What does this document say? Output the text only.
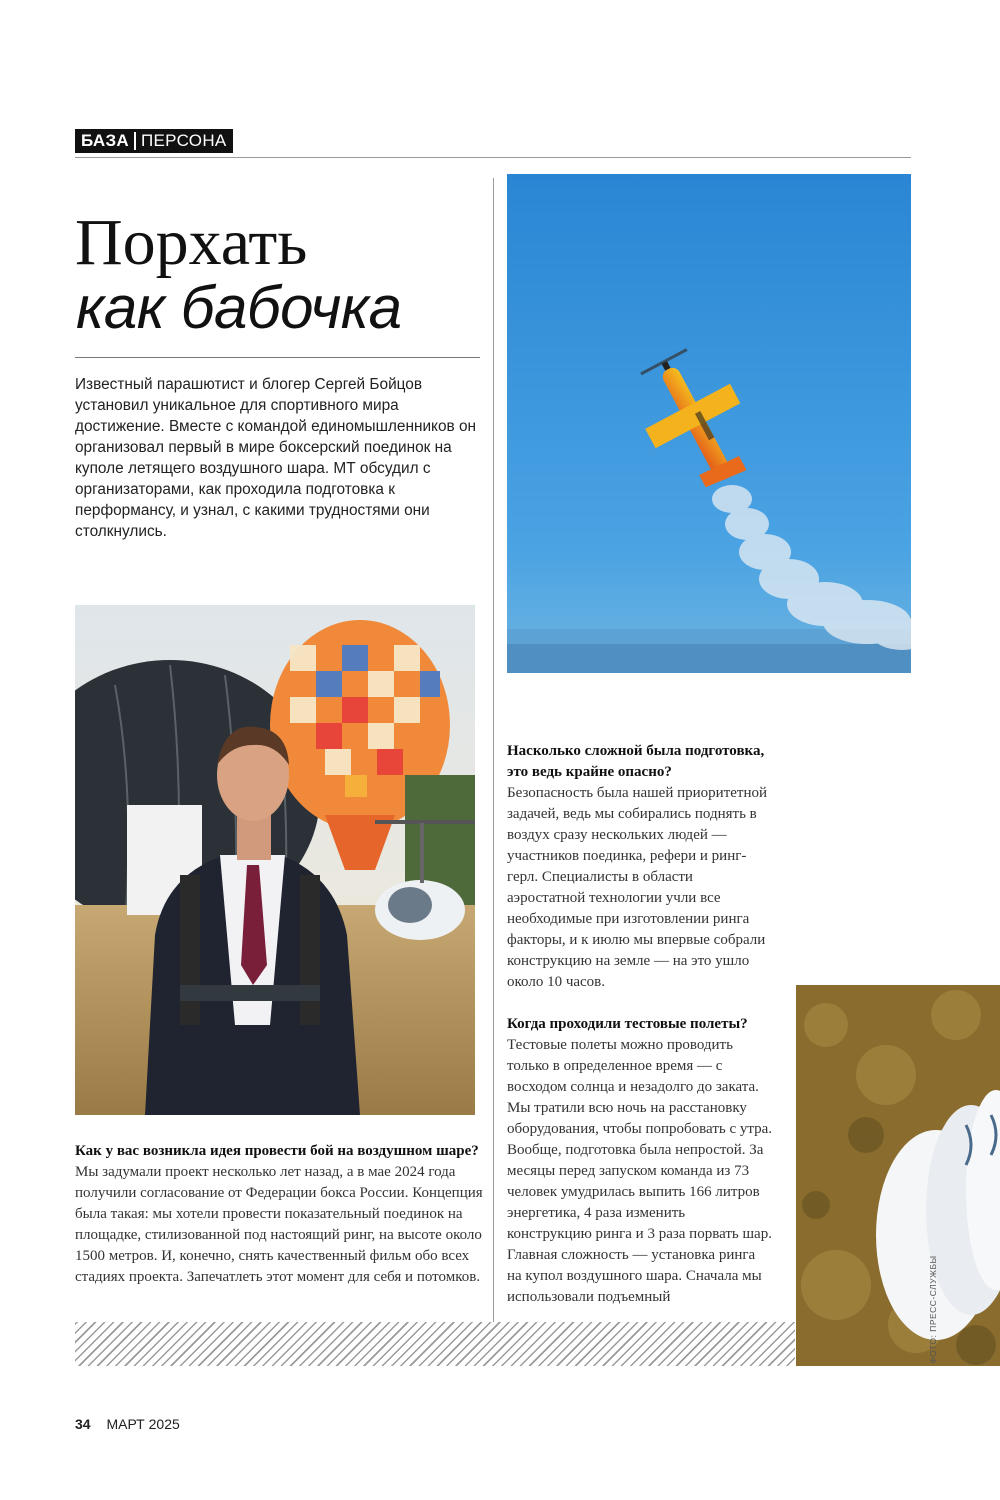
БАЗА ПЕРСОНА
Порхать
как бабочка
Известный парашютист и блогер Сергей Бойцов установил уникальное для спортивного мира достижение. Вместе с командой единомышленников он организовал первый в мире боксерский поединок на куполе летящего воздушного шара. МТ обсудил с организаторами, как проходила подготовка к перформансу, и узнал, с какими трудностями они столкнулись.
ФОТО: ПРЕСС-СЛУЖБЫ
Как у вас возникла идея провести бой на воздушном шаре?
Мы задумали проект несколько лет назад, а в мае 2024 года получили согласование от Федерации бокса России. Концепция была такая: мы хотели провести показательный поединок на площадке, стилизованной под настоящий ринг, на высоте около 1500 метров. И, конечно, снять качественный фильм обо всех стадиях проекта. Запечатлеть этот момент для себя и потомков.
Насколько сложной была подготовка, это ведь крайне опасно?
Безопасность была нашей приоритетной задачей, ведь мы собирались поднять в воздух сразу нескольких людей — участников поединка, рефери и ринг-герл. Специалисты в области аэростатной технологии учли все необходимые при изготовлении ринга факторы, и к июлю мы впервые собрали конструкцию на земле — на это ушло около 10 часов.
Когда проходили тестовые полеты?
Тестовые полеты можно проводить только в определенное время — с восходом солнца и незадолго до заката. Мы тратили всю ночь на расстановку оборудования, чтобы попробовать с утра. Вообще, подготовка была непростой. За месяцы перед запуском команда из 73 человек умудрилась выпить 166 литров энергетика, 4 раза изменить конструкцию ринга и 3 раза порвать шар. Главная сложность — установка ринга на купол воздушного шара. Сначала мы использовали подъемный
34 МАРТ 2025
